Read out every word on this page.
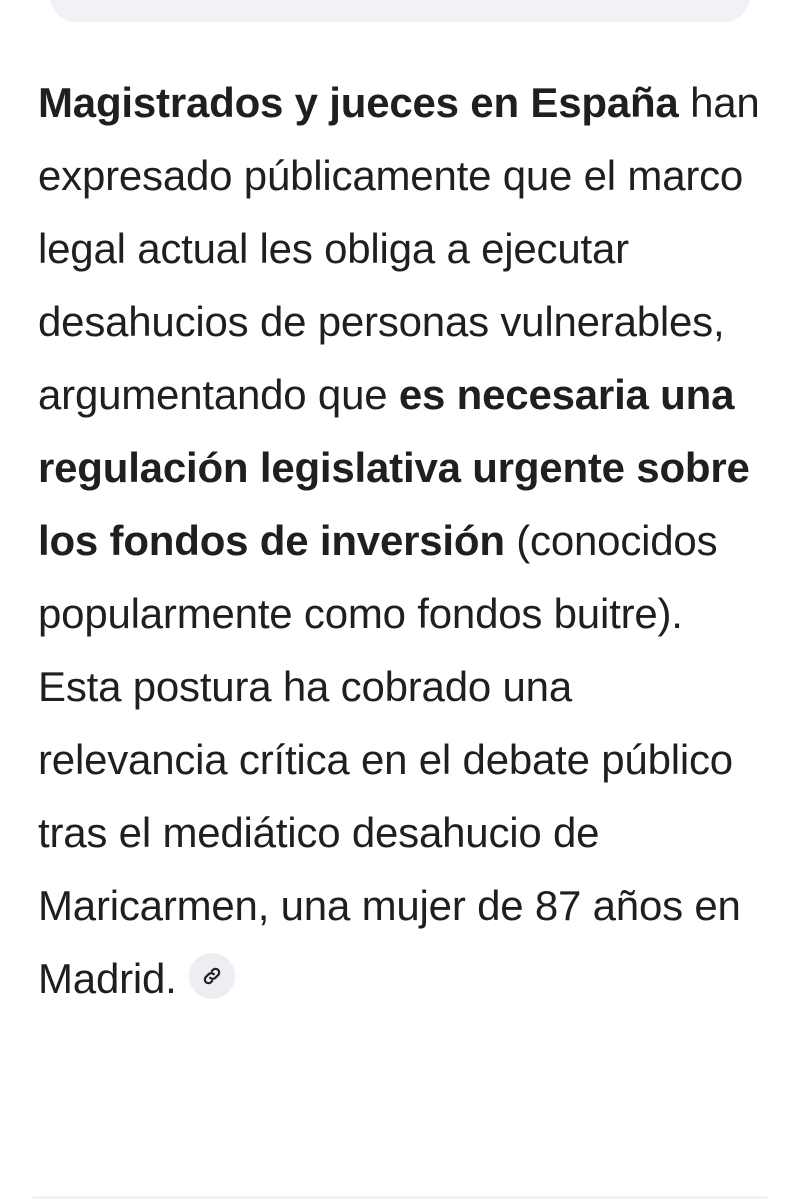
Magistrados y jueces en España han expresado públicamente que el marco legal actual les obliga a ejecutar desahucios de personas vulnerables, argumentando que es necesaria una regulación legislativa urgente sobre los fondos de inversión (conocidos popularmente como fondos buitre). Esta postura ha cobrado una relevancia crítica en el debate público tras el mediático desahucio de Maricarmen, una mujer de 87 años en Madrid.
